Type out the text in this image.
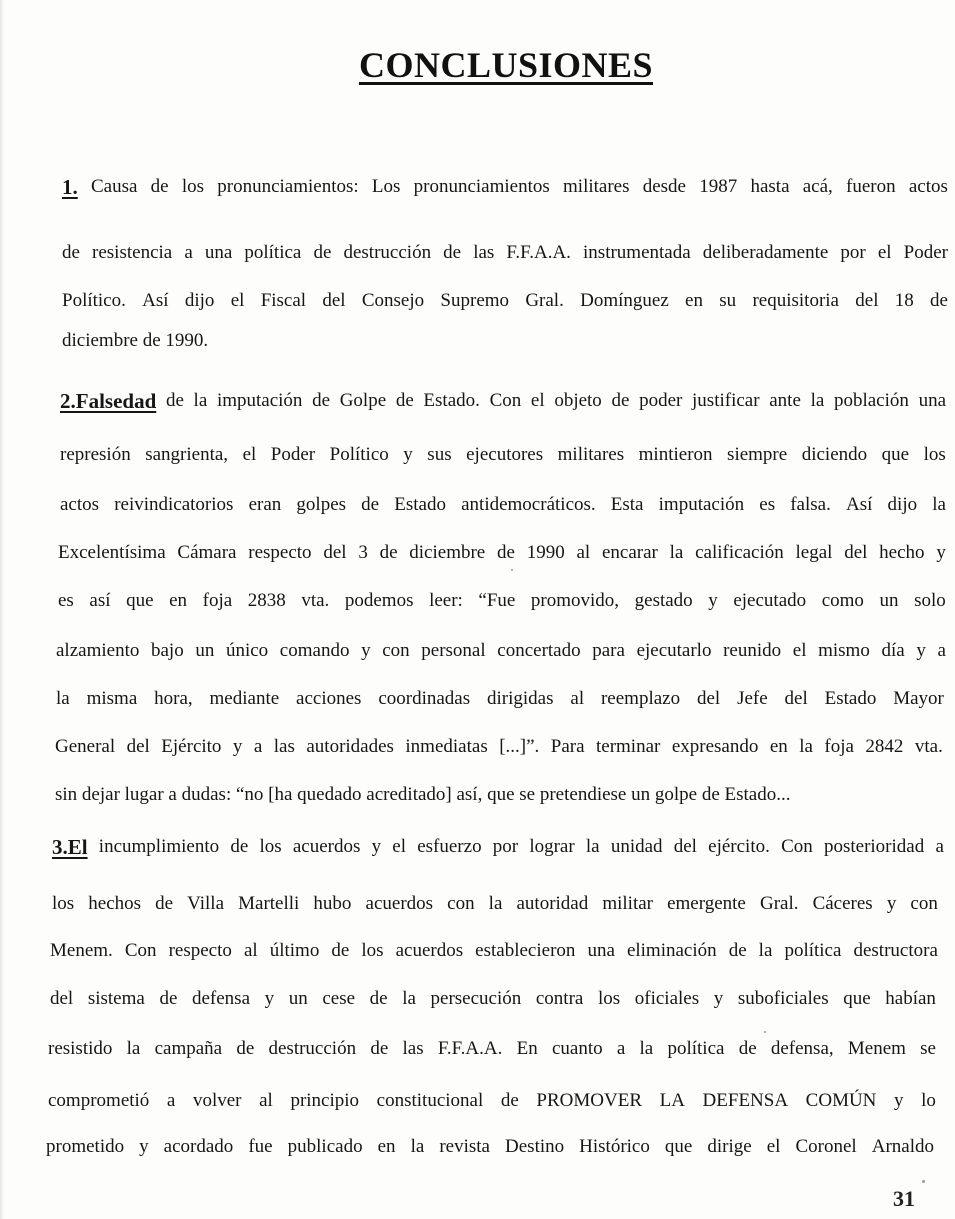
CONCLUSIONES
1. Causa de los pronunciamientos: Los pronunciamientos militares desde 1987 hasta acá, fueron actos
de resistencia a una política de destrucción de las F.F.A.A. instrumentada deliberadamente por el Poder
Político. Así dijo el Fiscal del Consejo Supremo Gral. Domínguez en su requisitoria del 18 de
diciembre de 1990.
2.Falsedad de la imputación de Golpe de Estado. Con el objeto de poder justificar ante la población una
represión sangrienta, el Poder Político y sus ejecutores militares mintieron siempre diciendo que los
actos reivindicatorios eran golpes de Estado antidemocráticos. Esta imputación es falsa. Así dijo la
Excelentísima Cámara respecto del 3 de diciembre de 1990 al encarar la calificación legal del hecho y
es así que en foja 2838 vta. podemos leer: “Fue promovido, gestado y ejecutado como un solo
alzamiento bajo un único comando y con personal concertado para ejecutarlo reunido el mismo día y a
la misma hora, mediante acciones coordinadas dirigidas al reemplazo del Jefe del Estado Mayor
General del Ejército y a las autoridades inmediatas [...]”. Para terminar expresando en la foja 2842 vta.
sin dejar lugar a dudas: “no [ha quedado acreditado] así, que se pretendiese un golpe de Estado...
3.El incumplimiento de los acuerdos y el esfuerzo por lograr la unidad del ejército. Con posterioridad a
los hechos de Villa Martelli hubo acuerdos con la autoridad militar emergente Gral. Cáceres y con
Menem. Con respecto al último de los acuerdos establecieron una eliminación de la política destructora
del sistema de defensa y un cese de la persecución contra los oficiales y suboficiales que habían
resistido la campaña de destrucción de las F.F.A.A. En cuanto a la política de defensa, Menem se
comprometió a volver al principio constitucional de PROMOVER LA DEFENSA COMÚN y lo
prometido y acordado fue publicado en la revista Destino Histórico que dirige el Coronel Arnaldo
31
